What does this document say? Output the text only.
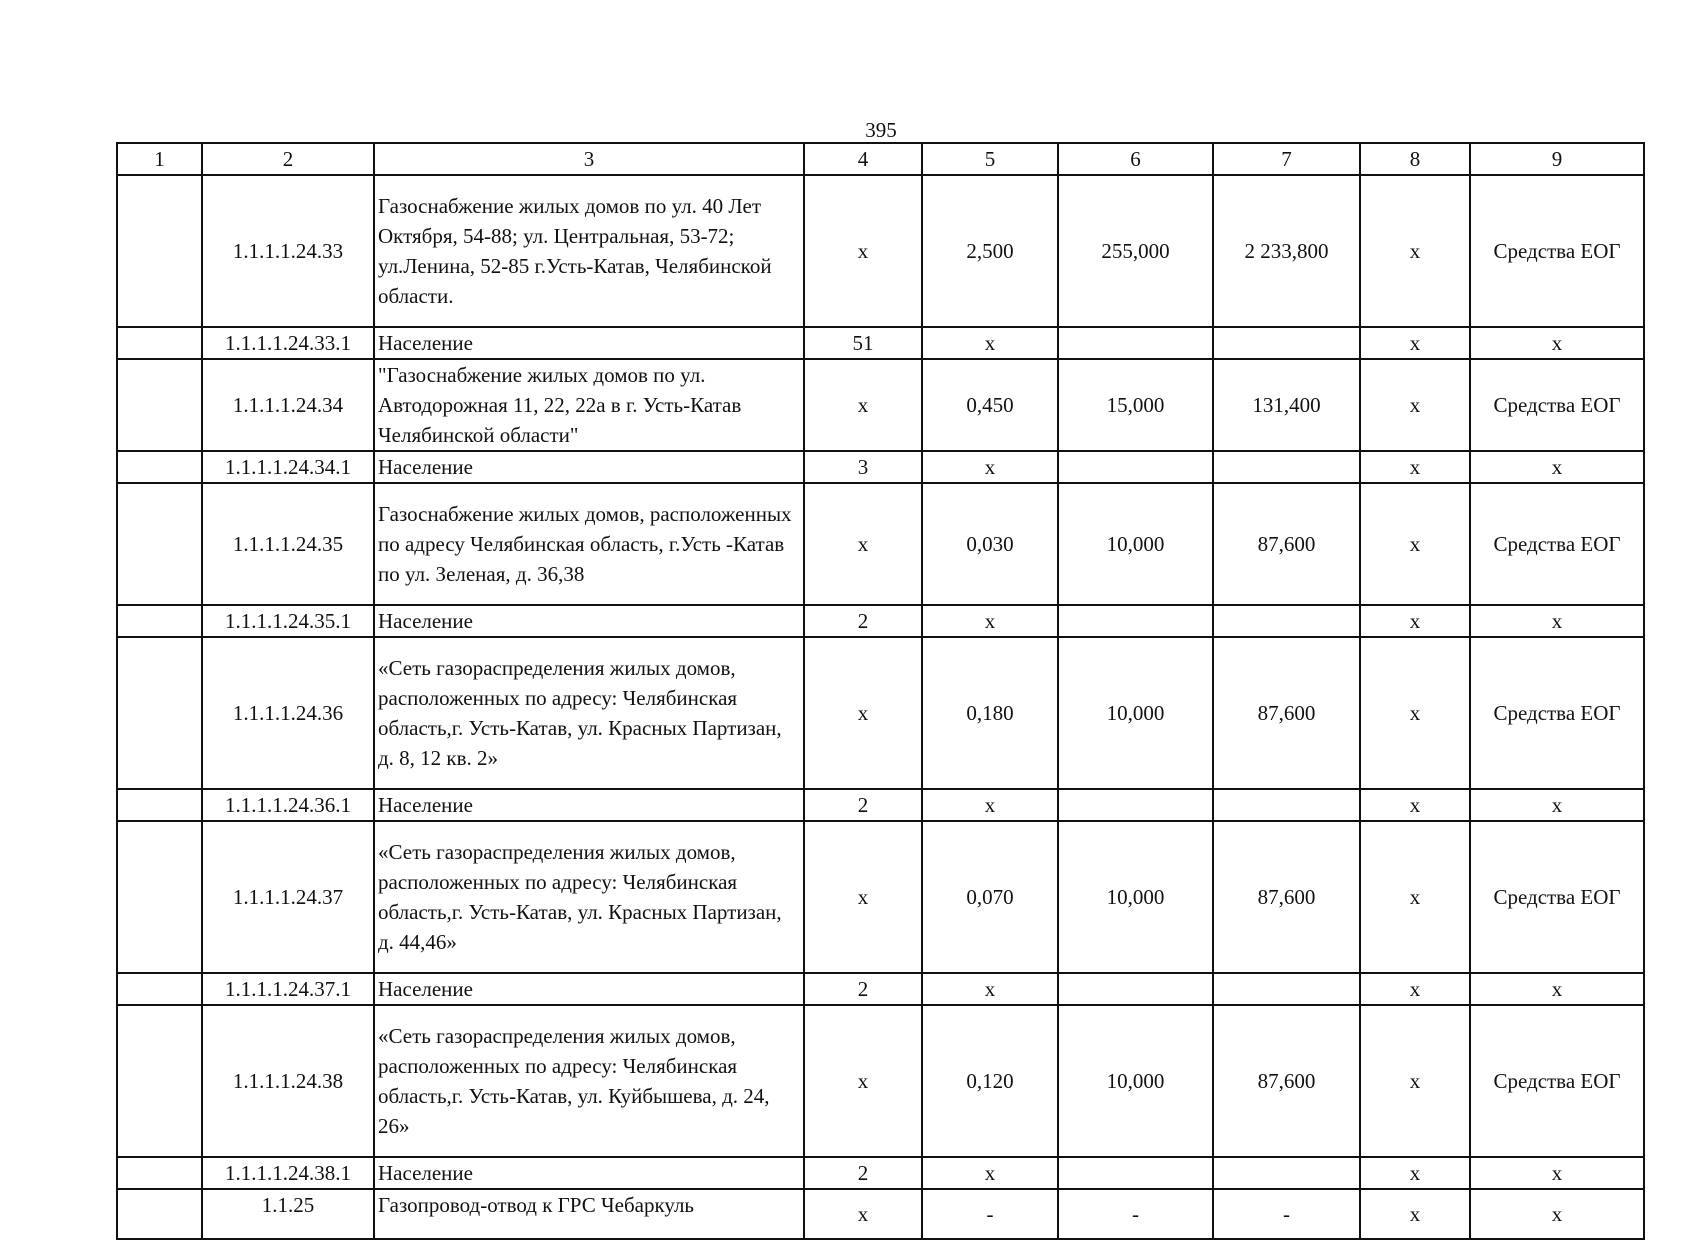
395
1	2	3	4	5	6	7	8	9
	1.1.1.1.24.33	Газоснабжение жилых домов по ул. 40 Лет Октября, 54-88; ул. Центральная, 53-72; ул.Ленина, 52-85 г.Усть-Катав, Челябинской области.	х	2,500	255,000	2 233,800	х	Средства ЕОГ
	1.1.1.1.24.33.1	Население	51	х			х	х
	1.1.1.1.24.34	"Газоснабжение жилых домов по ул. Автодорожная 11, 22, 22а в г. Усть-Катав Челябинской области"	х	0,450	15,000	131,400	х	Средства ЕОГ
	1.1.1.1.24.34.1	Население	3	х			х	х
	1.1.1.1.24.35	Газоснабжение жилых домов, расположенных по адресу Челябинская область, г.Усть -Катав по ул. Зеленая, д. 36,38	х	0,030	10,000	87,600	х	Средства ЕОГ
	1.1.1.1.24.35.1	Население	2	х			х	х
	1.1.1.1.24.36	«Сеть газораспределения жилых домов, расположенных по адресу: Челябинская область,г. Усть-Катав, ул. Красных Партизан, д. 8, 12 кв. 2»	х	0,180	10,000	87,600	х	Средства ЕОГ
	1.1.1.1.24.36.1	Население	2	х			х	х
	1.1.1.1.24.37	«Сеть газораспределения жилых домов, расположенных по адресу: Челябинская область,г. Усть-Катав, ул. Красных Партизан, д. 44,46»	х	0,070	10,000	87,600	х	Средства ЕОГ
	1.1.1.1.24.37.1	Население	2	х			х	х
	1.1.1.1.24.38	«Сеть газораспределения жилых домов, расположенных по адресу: Челябинская область,г. Усть-Катав, ул. Куйбышева, д. 24, 26»	х	0,120	10,000	87,600	х	Средства ЕОГ
	1.1.1.1.24.38.1	Население	2	х			х	х
	1.1.25	Газопровод-отвод к ГРС Чебаркуль	х	-	-	-	х	х
